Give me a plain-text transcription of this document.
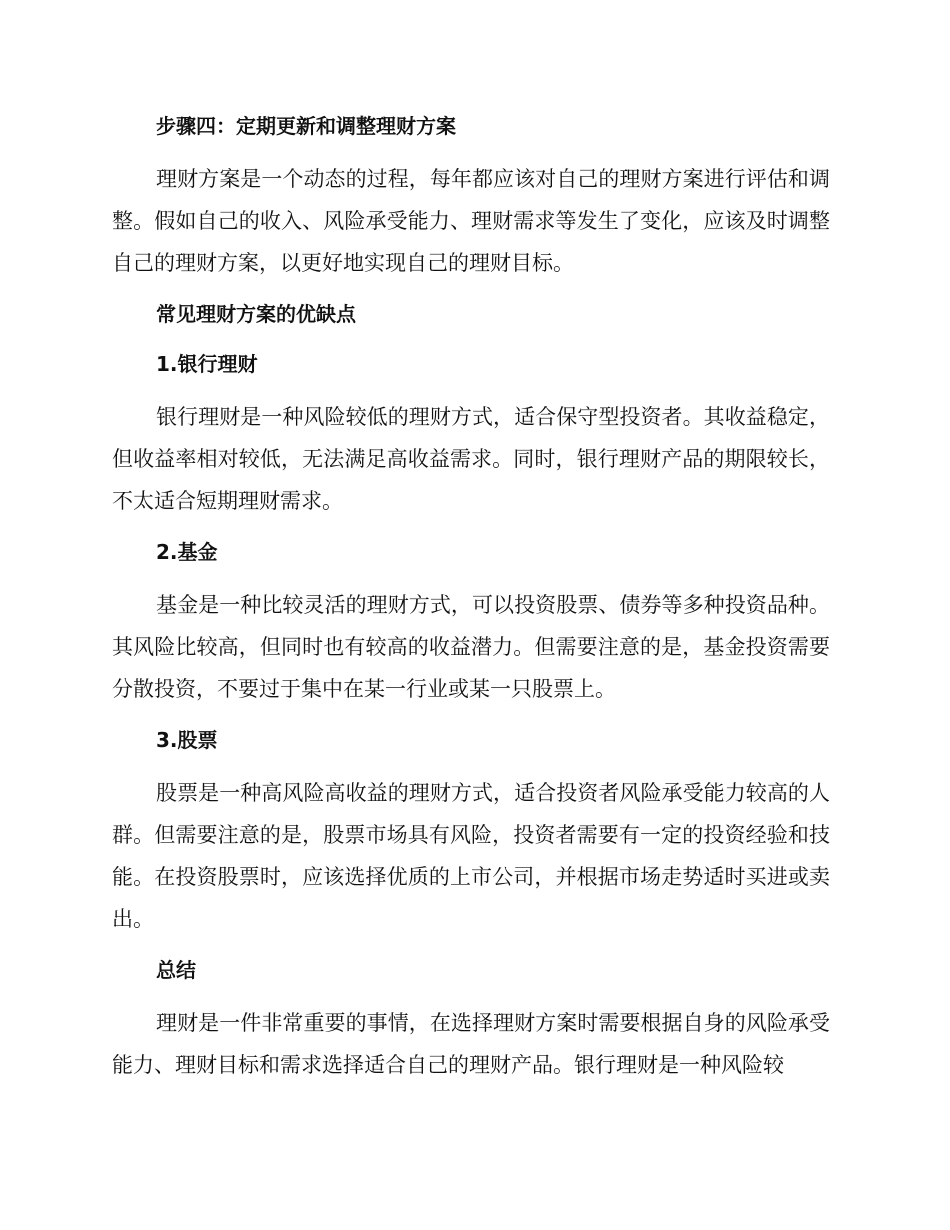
步骤四：定期更新和调整理财方案

理财方案是一个动态的过程，每年都应该对自己的理财方案进行评估和调整。假如自己的收入、风险承受能力、理财需求等发生了变化，应该及时调整自己的理财方案，以更好地实现自己的理财目标。

常见理财方案的优缺点
1.银行理财

银行理财是一种风险较低的理财方式，适合保守型投资者。其收益稳定，但收益率相对较低，无法满足高收益需求。同时，银行理财产品的期限较长，不太适合短期理财需求。

2.基金

基金是一种比较灵活的理财方式，可以投资股票、债券等多种投资品种。其风险比较高，但同时也有较高的收益潜力。但需要注意的是，基金投资需要分散投资，不要过于集中在某一行业或某一只股票上。

3.股票

股票是一种高风险高收益的理财方式，适合投资者风险承受能力较高的人群。但需要注意的是，股票市场具有风险，投资者需要有一定的投资经验和技能。在投资股票时，应该选择优质的上市公司，并根据市场走势适时买进或卖出。

总结

理财是一件非常重要的事情，在选择理财方案时需要根据自身的风险承受能力、理财目标和需求选择适合自己的理财产品。银行理财是一种风险较
